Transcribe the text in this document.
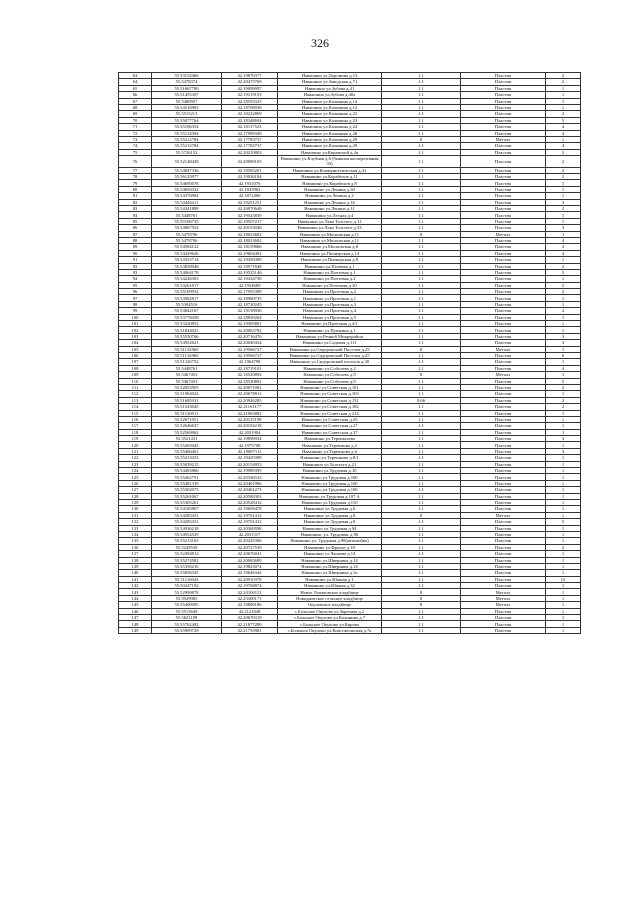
326
63	55.53152466	42.19876377	Навашино ул.Доронина д.13	1.1	Пластик	2
64	55.5478374	42.20475769	Навашино ул.Заводская д.71	1.1	Пластик	2
65	55.51667780	42.19099097	Навашино ул.Зубова д.41	1.1	Пластик	1
66	55.51455307	42.19319153	Навашино ул.Зубова д.40а	1.1	Пластик	1
67	55.5480957	42.18553325	Навашино ул.Калинина д.14	1.1	Пластик	1
68	55.54516983	42.18708038	Навашино ул.Калинина д.12	1.1	Пластик	1
69	55.5515213	42.18222809	Навашино ул.Калинина д.22	1.1	Пластик	2
70	55.55077764	42.18348694	Навашино ул.Калинина д.23	1.1	Пластик	5
71	55.55106354	42.18117523	Навашино ул.Калинина д.24	1.1	Пластик	4
72	55.55132094	42.17989349	Навашино ул.Калинина д.28	1.1	Пластик	4
73	55.55212784	42.17783737	Навашино ул.Калинина д.29	8	Металл	1
74	55.55212784	42.17783737	Навашино ул.Калинина д.29	1.1	Пластик	4
75	55.5726152	42.20219803	Навашино ул.Кировской д.2в	1.1	Пластик	2
76	55.52148438	42.20090103	Навашино ул.Клубная д.6 (бывшая кооперативная 33)	1.1	Пластик	2
77	55.54847336	42.19565201	Навашино ул.Коммунистическая д.41	1.1	Пластик	2
78	55.56125977	42.19026184	Навашино ул.Корабелов д.11	1.1	Пластик	2
79	55.54695078	42.1931076	Навашино ул.Корабелов д.8	1.1	Пластик	1
80	55.54693332	42.1845902	Навашино ул.Ленина д.30	1.1	Пластик	1
81	55.54376984	42.1872406	Навашино ул.Ленина д.2	1.1	Пластик	1
82	55.54446411	42.19251251	Навашино ул.Ленина д.16	1.1	Пластик	3
83	55.54341888	42.20070648	Навашино ул.Ленина д.11	1.1	Пластик	2
84	55.5448761	42.19543839	Навашино ул.Лесная д.4	1.1	Пластик	1
85	55.55106735	42.19507217	Навашино ул.Льва Толстого д.11	1.1	Пластик	1
86	55.54867554	42.20153046	Навашино ул.Льва Толстого д.33	1.1	Пластик	3
87	55.5478796	42.18023682	Навашино ул.Московская д.11	8	Металл	1
88	55.5478796	42.18023682	Навашино ул.Московская д.11	1.1	Пластик	4
89	55.54584122	42.18159866	Навашино ул.Московская д.8	1.1	Пластик	4
90	55.54429626	42.19604492	Навашино ул.Пионерская д.14	1.1	Пластик	4
91	55.54353714	42.19458389	Навашино ул.Пионерская д.8	1.1	Пластик	1
92	55.53858948	42.19971848	Навашино ул.Полевая д.1	1.1	Пластик	2
93	55.54064178	42.19525146	Навашино ул.Почтовая д.1	1.1	Пластик	5
94	55.54226303	42.19434738	Навашино ул.Почтовая д.2	1.1	Пластик	1
95	55.54261017	42.1954689	Навашино ул.Почтовая д.20	1.1	Пластик	2
96	55.55109932	42.17955399	Навашино ул.Проезжая д.2	1.1	Пластик	2
97	55.53902817	42.18960735	Навашино ул.Проезжая д.1	1.1	Пластик	1
98	55.5394516	42.18720245	Навашино ул.Проезжая д.3	1.1	Пластик	1
99	55.53842167	42.19158936	Навашино ул.Проезжая д.4	1.1	Пластик	2
100	55.53778458	42.18839264	Навашино ул.Проезжая д.5	1.1	Пластик	1
101	55.53220852	42.19305801	Навашино ул.Проезжая д.4/1	1.1	Пластик	1
102	55.51844025	42.20063782	Навашино ул.Пушкина д.1	1.1	Пластик	1
103	55.55550766	42.20716476	Навашино ул.Речной Микрорайон	1.1	Пластик	3
104	55.54952621	42.20040434	Навашино ул.Садовая д.111	1.1	Пластик	3
105	55.51132965	42.19566727	Навашино ул.Сидоровский Поселок д.25	8	Металл	1
106	55.51132965	42.19566727	Навашино ул.Сидоровский Поселок д.25	1.1	Пластик	6
107	55.51326752	42.1964798	Навашино ул.Сидоровский поселок д.30	1.1	Пластик	1
108	55.5448761	42.18719101	Навашино ул.Соболева д.2	1.1	Пластик	4
109	55.5467453	42.18520892	Навашино ул.Соболева д.9	8	Металл	1
110	55.5467453	42.18520892	Навашино ул.Соболева д.9	1.1	Пластик	5
111	55.52053505	42.20671082	Навашино ул.Советская д.101	1.1	Пластик	2
112	55.51984024	42.20678911	Навашино ул.Советская д.103	1.1	Пластик	1
113	55.51685331	42.20926285	Навашино ул.Советская д.131	0.66	Пластик	2
114	55.51543045	42.21161177	Навашино ул.Советская д.182	1.1	Пластик	2
115	55.51126911	42.21963882	Навашино ул.Советская д.214	1.1	Пластик	1
116	55.52671051	42.20125198	Навашино ул.Советская д.25	1.1	Пластик	1
117	55.52646637	42.20104218	Навашино ул.Советская д.27	1.1	Пластик	1
118	55.52569962	42.2021904	Навашино ул.Советская д.37	1.1	Пластик	1
119	55.5521431	42.19896934	Навашино ул.Тереньтьева	1.1	Пластик	3
120	55.55265045	42.1975708	Навашино ул.Терешкова д.2	1.1	Пластик	1
121	55.55466461	42.19007111	Навашино ул.Терешкова д.6	1.1	Пластик	3
122	55.55413433	42.19429398	Навашино ул.Терешкова д.8/1	1.1	Пластик	1
123	55.55039215	42.20154953	Навашино ул.Толстого д.21	1.1	Пластик	1
124	55.54465866	42.19989395	Навашино ул.Трудовая д.10	1.1	Пластик	1
125	55.55462791	42.20336533	Навашино ул.Трудовая д.100	1.1	Пластик	1
126	55.55481339	42.20401986	Навашино ул.Трудовая д.100	1.1	Пластик	1
127	55.55302075	42.20461273	Навашино ул.Трудовая д.100	1.1	Пластик	1
128	55.55261067	42.20588303	Навашино ул.Трудовая д.107 А	1.1	Пластик	1
129	55.55305261	42.20528412	Навашино ул.Трудовая д.110	1.1	Пластик	1
130	55.54185867	42.19699478	Навашино ул.Трудовая д.6	1.1	Пластик	1
131	55.54285431	42.19701412	Навашино ул.Трудовая д.8	8	Металл	1
132	55.54285431	42.19701412	Навашино ул.Трудовая д.8	1.1	Пластик	5
133	55.54936218	42.20369598	Навашино ул.Трудовая д.94	1.1	Пластик	1
134	55.54954529	42.2031517	Навашино, ул. Трудовая, д.96	1.1	Пластик	1
135	55.55213165	42.20245306	Навашино ул. Трудовая д.98(автомойка)	1.1	Пластик	1
136	55.5249539	42.20727539	Навашино ул.Фрунзе д.18	1.1	Пластик	2
137	55.52494812	42.20676041	Навашино ул.Чапаева д.14	1.1	Пластик	1
138	55.55274582	42.20065689	Навашино ул.Шверника д.14	1.1	Пластик	1
139	55.55356216	42.19823074	Навашино ул.Шверника д.14	1.1	Пластик	1
140	55.55056345	42.19646344	Навашино ул.Шверника д.5а	1.1	Пластик	1
141	55.51116943	42.20910378	Навашино ул.Южная д.1	1.1	Пластик	12
142	55.50247192	42.19768874	Навашино ул.Южная д.32	1.1	Пластик	1
143	55.52999878	42.24100113	Новое Лопаковское кладбище	8	Металл	1
144	55.5929985	42.23300171	Новодмитское сельское кладбище	8	Металл	1
145	55.55400085	42.19800186	Окуловское кладбище	8	Металл	1
146	55.5513649	42.2121048	с.Большое Окулово ул.Заречная д.2	1.1	Пластик	1
147	55.5621109	42.20670319	с.Большое Окулово ул.Калинина д.7	1.1	Пластик	1
148	55.55762482	42.21877289	с.Большое Окулово ул.Кирова	1.1	Пластик	1
149	55.55909729	42.21755981	с.Большое Окулово ул.Комсомольская д.7а	1.1	Пластик	1
